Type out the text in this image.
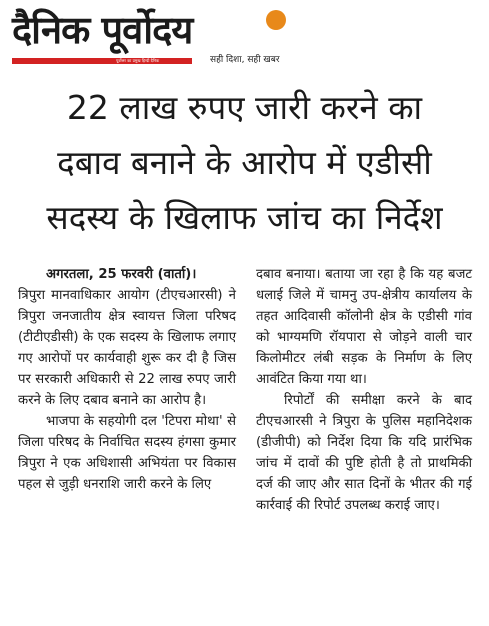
दैनिक पूर्वोदय
पूर्वोत्तर का प्रमुख हिन्दी दैनिक	सही दिशा, सही खबर
22 लाख रुपए जारी करने का
दबाव बनाने के आरोप में एडीसी
सदस्य के खिलाफ जांच का निर्देश

अगरतला, 25 फरवरी (वार्ता)।

त्रिपुरा मानवाधिकार आयोग (टीएचआरसी) ने त्रिपुरा जनजातीय क्षेत्र स्वायत्त जिला परिषद (टीटीएडीसी) के एक सदस्य के खिलाफ लगाए गए आरोपों पर कार्यवाही शुरू कर दी है जिस पर सरकारी अधिकारी से 22 लाख रुपए जारी करने के लिए दबाव बनाने का आरोप है।

भाजपा के सहयोगी दल 'टिपरा मोथा' से जिला परिषद के निर्वाचित सदस्य हंगसा कुमार त्रिपुरा ने एक अधिशासी अभियंता पर विकास पहल से जुड़ी धनराशि जारी करने के लिए

दबाव बनाया। बताया जा रहा है कि यह बजट धलाई जिले में चामनु उप-क्षेत्रीय कार्यालय के तहत आदिवासी कॉलोनी क्षेत्र के एडीसी गांव को भाग्यमणि रॉयपारा से जोड़ने वाली चार किलोमीटर लंबी सड़क के निर्माण के लिए आवंटित किया गया था।

रिपोर्टों की समीक्षा करने के बाद टीएचआरसी ने त्रिपुरा के पुलिस महानिदेशक (डीजीपी) को निर्देश दिया कि यदि प्रारंभिक जांच में दावों की पुष्टि होती है तो प्राथमिकी दर्ज की जाए और सात दिनों के भीतर की गई कार्रवाई की रिपोर्ट उपलब्ध कराई जाए।
